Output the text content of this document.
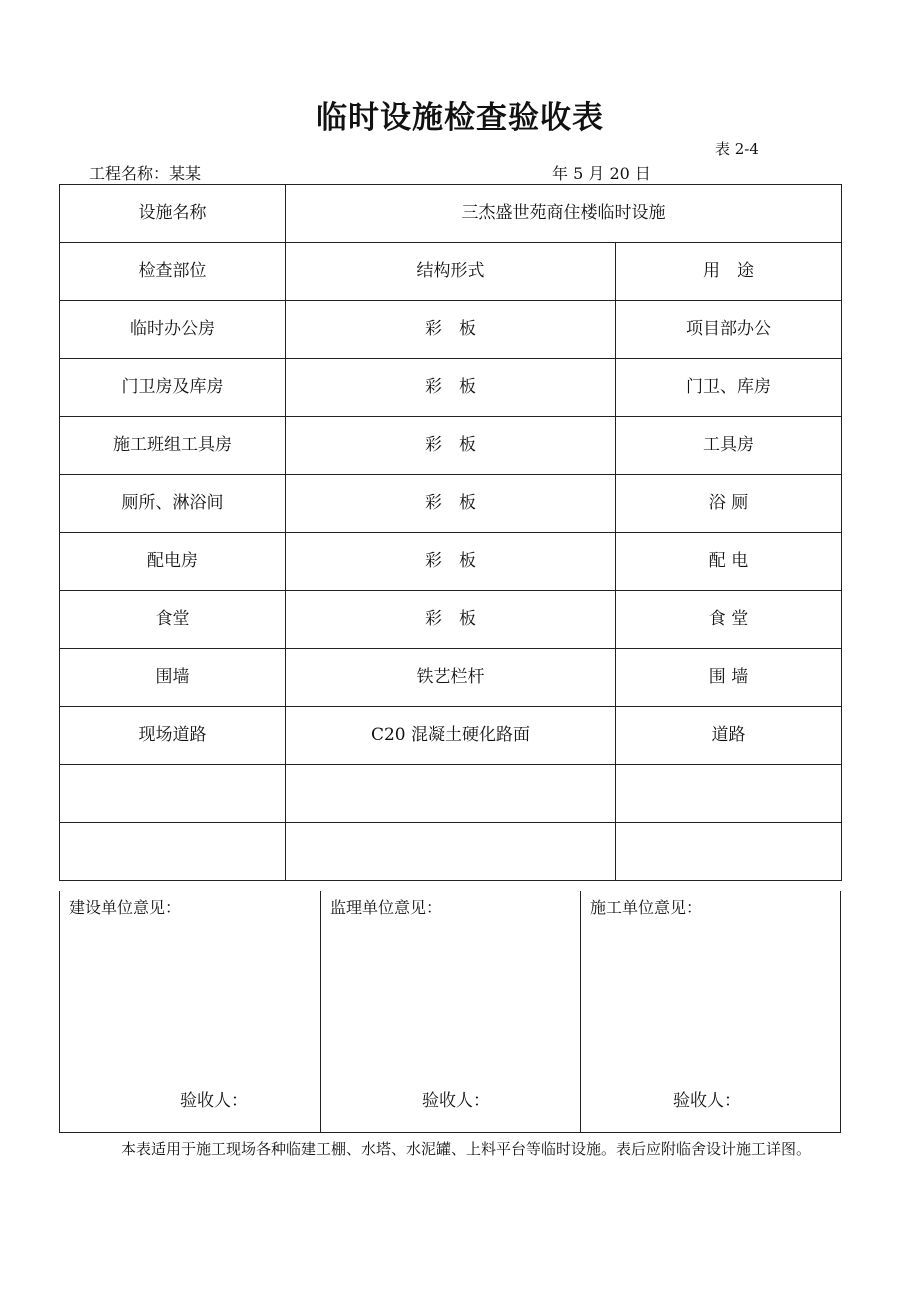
临时设施检查验收表
表 2-4
工程名称：某某	年 5 月 20 日
设施名称	三杰盛世苑商住楼临时设施	
检查部位	结构形式	用　途
临时办公房	彩　板	项目部办公
门卫房及库房	彩　板	门卫、库房
施工班组工具房	彩　板	工具房
厕所、淋浴间	彩　板	浴 厕
配电房	彩　板	配 电
食堂	彩　板	食 堂
围墙	铁艺栏杆	围 墙
现场道路	C20 混凝土硬化路面	道路

建设单位意见：
验收人：
监理单位意见：
验收人：
施工单位意见：
验收人：
本表适用于施工现场各种临建工棚、水塔、水泥罐、上料平台等临时设施。表后应附临舍设计施工详图。
